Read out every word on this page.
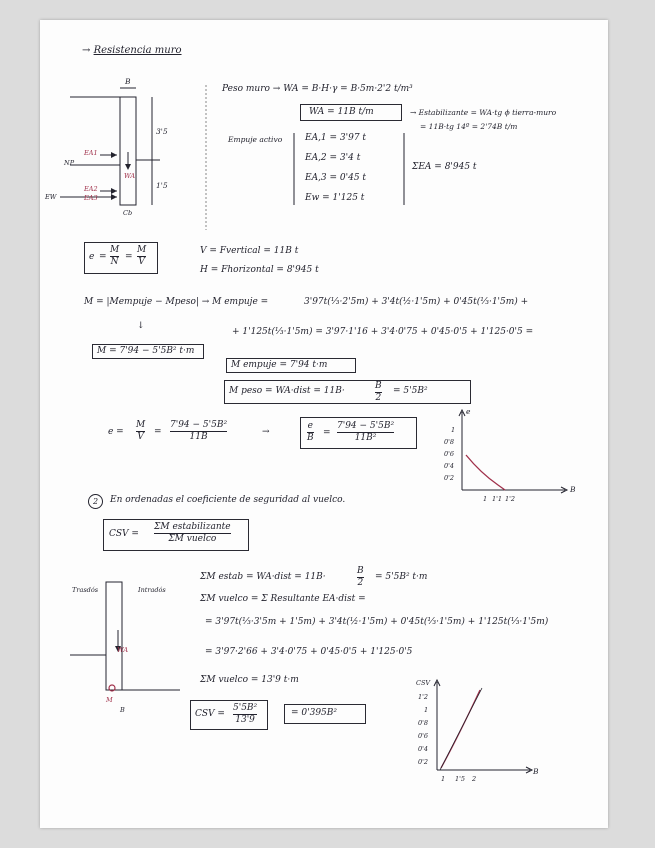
→ Resistencia muro
B
3'5
1'5
NP
EA1
WA
EA2
EA3
EW
Cb
Peso muro → WA = B·H·γ = B·5m·2'2 t/m³
WA = 11B t/m	→ Estabilizante = WA·tg ϕ tierra-muro
= 11B·tg 14º = 2'74B t/m
Empuje activo	EA,1 = 3'97 t
EA,2 = 3'4 t
EA,3 = 0'45 t
Ew = 1'125 t
ΣEA = 8'945 t
e =
M
N =
M
V
V = Fvertical = 11B t
H = Fhorizontal = 8'945 t
M = |Mempuje − Mpeso| → M empuje =	3'97t(⅓·2'5m) + 3'4t(½·1'5m) + 0'45t(⅓·1'5m) +
↓
+ 1'125t(⅓·1'5m) = 3'97·1'16 + 3'4·0'75 + 0'45·0'5 + 1'125·0'5 =
M = 7'94 − 5'5B² t·m
M empuje = 7'94 t·m
M peso = WA·dist = 11B·	B
2
= 5'5B²
e =
M
V =
7'94 − 5'5B²
11B	→
e
B =
7'94 − 5'5B²
11B²
e
B
1
0'8
0'6
0'4
0'2
1 1'1 1'2
2	En ordenadas el coeficiente de seguridad al vuelco.
CSV =
ΣM estabilizante
ΣM vuelco
Trasdós	Intradós
WA
M
B
ΣM estab = WA·dist = 11B·
B
2
= 5'5B² t·m
ΣM vuelco = Σ Resultante EA·dist =
= 3'97t(⅓·3'5m + 1'5m) + 3'4t(½·1'5m) + 0'45t(⅓·1'5m) + 1'125t(⅓·1'5m)
= 3'97·2'66 + 3'4·0'75 + 0'45·0'5 + 1'125·0'5
ΣM vuelco = 13'9 t·m
CSV =
5'5B²
13'9
= 0'395B²
CSV
B
1'2
1
0'8
0'6
0'4
0'2
1 1'5 2
